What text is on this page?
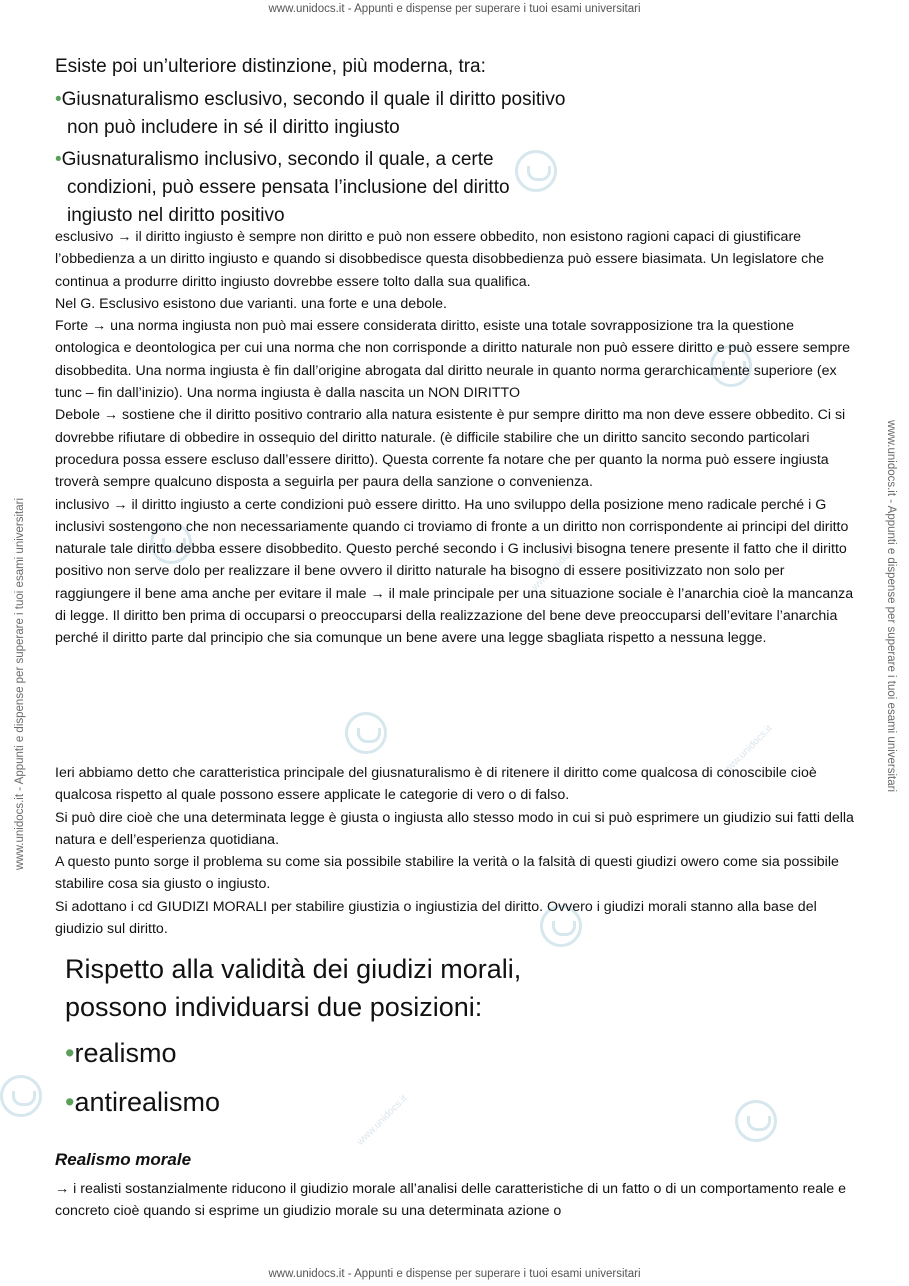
www.unidocs.it - Appunti e dispense per superare i tuoi esami universitari
www.unidocs.it - Appunti e dispense per superare i tuoi esami universitari
www.unidocs.it - Appunti e dispense per superare i tuoi esami universitari	www.unidocs.it - Appunti e dispense per superare i tuoi esami universitari
www.unidocs.it
www.unidocs.it
www.unidocs.it
Esiste poi un’ulteriore distinzione, più moderna, tra:
•Giusnaturalismo esclusivo, secondo il quale il diritto positivo non può includere in sé il diritto ingiusto
•Giusnaturalismo inclusivo, secondo il quale, a certe condizioni, può essere pensata l’inclusione del diritto ingiusto nel diritto positivo

esclusivo → il diritto ingiusto è sempre non diritto e può non essere obbedito, non esistono ragioni capaci di giustificare l’obbedienza a un diritto ingiusto e quando si disobbedisce questa disobbedienza può essere biasimata. Un legislatore che continua a produrre diritto ingiusto dovrebbe essere tolto dalla sua qualifica.

Nel G. Esclusivo esistono due varianti. una forte e una debole.

Forte → una norma ingiusta non può mai essere considerata diritto, esiste una totale sovrapposizione tra la questione ontologica e deontologica per cui una norma che non corrisponde a diritto naturale non può essere diritto e può essere sempre disobbedita. Una norma ingiusta è fin dall’origine abrogata dal diritto neurale in quanto norma gerarchicamente superiore (ex tunc – fin dall’inizio). Una norma ingiusta è dalla nascita un NON DIRITTO

Debole → sostiene che il diritto positivo contrario alla natura esistente è pur sempre diritto ma non deve essere obbedito. Ci si dovrebbe rifiutare di obbedire in ossequio del diritto naturale. (è difficile stabilire che un diritto sancito secondo particolari procedura possa essere escluso dall’essere diritto). Questa corrente fa notare che per quanto la norma può essere ingiusta troverà sempre qualcuno disposta a seguirla per paura della sanzione o convenienza.

inclusivo → il diritto ingiusto a certe condizioni può essere diritto. Ha uno sviluppo della posizione meno radicale perché i G inclusivi sostengono che non necessariamente quando ci troviamo di fronte a un diritto non corrispondente ai principi del diritto naturale tale diritto debba essere disobbedito. Questo perché secondo i G inclusivi bisogna tenere presente il fatto che il diritto positivo non serve dolo per realizzare il bene ovvero il diritto naturale ha bisogno di essere positivizzato non solo per raggiungere il bene ama anche per evitare il male → il male principale per una situazione sociale è l’anarchia cioè la mancanza di legge. Il diritto ben prima di occuparsi o preoccuparsi della realizzazione del bene deve preoccuparsi dell’evitare l’anarchia perché il diritto parte dal principio che sia comunque un bene avere una legge sbagliata rispetto a nessuna legge.

Ieri abbiamo detto che caratteristica principale del giusnaturalismo è di ritenere il diritto come qualcosa di conoscibile cioè qualcosa rispetto al quale possono essere applicate le categorie di vero o di falso.

Si può dire cioè che una determinata legge è giusta o ingiusta allo stesso modo in cui si può esprimere un giudizio sui fatti della natura e dell’esperienza quotidiana.

A questo punto sorge il problema su come sia possibile stabilire la verità o la falsità di questi giudizi owero come sia possibile stabilire cosa sia giusto o ingiusto.

Si adottano i cd GIUDIZI MORALI per stabilire giustizia o ingiustizia del diritto. Ovvero i giudizi morali stanno alla base del giudizio sul diritto.

Rispetto alla validità dei giudizi morali,
possono individuarsi due posizioni:
•realismo
•antirealismo
Realismo morale
→ i realisti sostanzialmente riducono il giudizio morale all’analisi delle caratteristiche di un fatto o di un comportamento reale e concreto cioè quando si esprime un giudizio morale su una determinata azione o
